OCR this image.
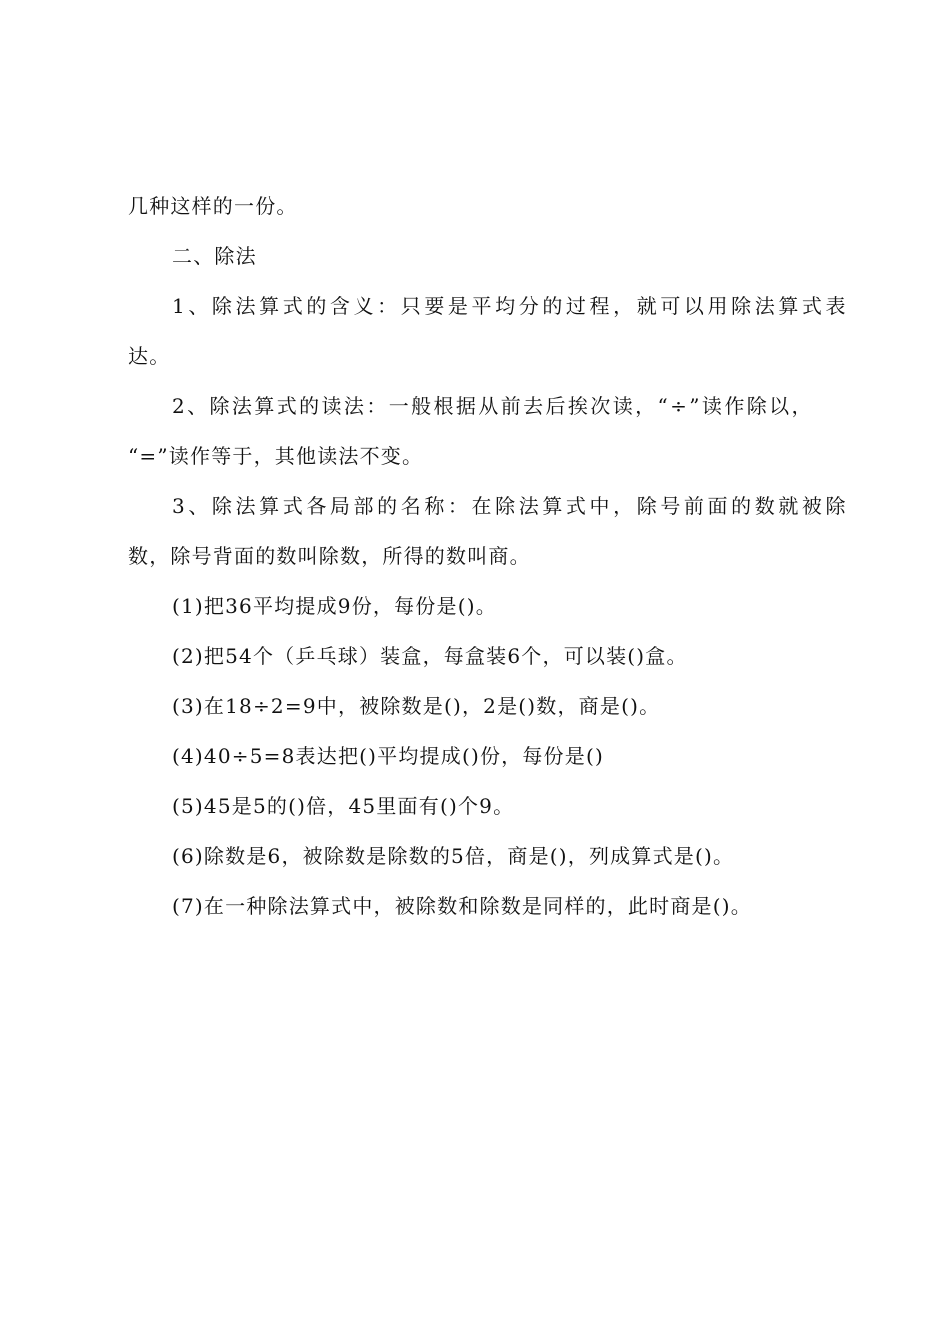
几种这样的一份。
二、除法
1、除法算式的含义：只要是平均分的过程，就可以用除法算式表
达。
2、除法算式的读法：一般根据从前去后挨次读，“÷”读作除以，
“=”读作等于，其他读法不变。
3、除法算式各局部的名称：在除法算式中，除号前面的数就被除
数，除号背面的数叫除数，所得的数叫商。
(1)把36平均提成9份，每份是()。
(2)把54个（乒乓球）装盒，每盒装6个，可以装()盒。
(3)在18÷2=9中，被除数是()，2是()数，商是()。
(4)40÷5=8表达把()平均提成()份，每份是()
(5)45是5的()倍，45里面有()个9。
(6)除数是6，被除数是除数的5倍，商是()，列成算式是()。
(7)在一种除法算式中，被除数和除数是同样的，此时商是()。
